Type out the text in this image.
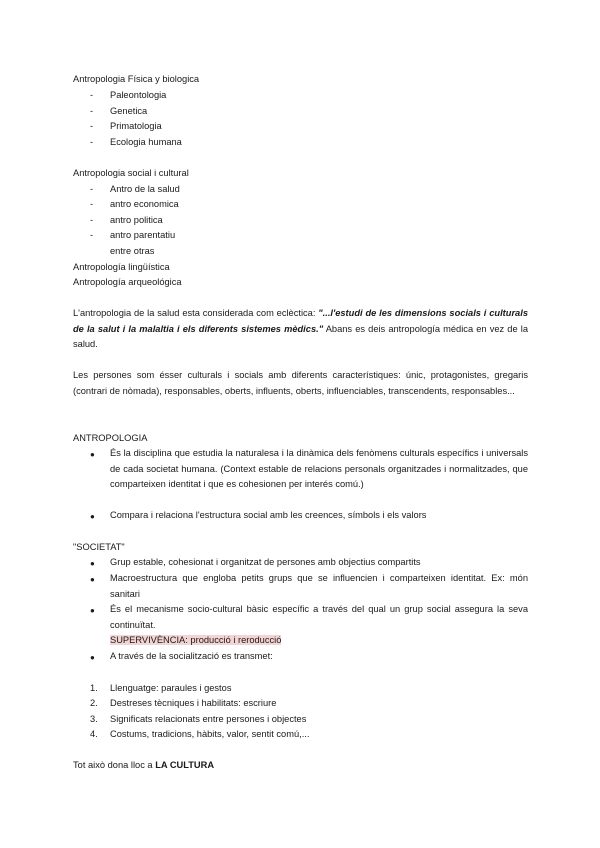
Antropologia Física y biologica
- Paleontologia
- Genetica
- Primatologia
- Ecologia humana
Antropologia social i cultural
- Antro de la salud
- antro economica
- antro politica
- antro parentatiu
entre otras
Antropología lingüística
Antropología arqueológica
L'antropologia de la salud esta considerada com eclèctica: "...l'estudi de les dimensions socials i culturals de la salut i la malaltia i els diferents sistemes mèdics." Abans es deis antropología médica en vez de la salud.
Les persones som ésser culturals i socials amb diferents característiques: únic, protagonistes, gregaris (contrari de nòmada), responsables, oberts, influents, oberts, influenciables, transcendents, responsables...
ANTROPOLOGIA
● És la disciplina que estudia la naturalesa i la dinàmica dels fenòmens culturals específics i universals de cada societat humana. (Context estable de relacions personals organitzades i normalitzades, que comparteixen identitat i que es cohesionen per interés comú.)
● Compara i relaciona l'estructura social amb les creences, símbols i els valors
"SOCIETAT"
● Grup estable, cohesionat i organitzat de persones amb objectius compartits
● Macroestructura que engloba petits grups que se influencien i comparteixen identitat. Ex: món sanitari
● És el mecanisme socio-cultural bàsic específic a través del qual un grup social assegura la seva continuïtat.
SUPERVIVÈNCIA: producció i reroducció
● A través de la socialització es transmet:
1. Llenguatge: paraules i gestos
2. Destreses tècniques i habilitats: escriure
3. Significats relacionats entre persones i objectes
4. Costums, tradicions, hàbits, valor, sentit comú,...
Tot això dona lloc a LA CULTURA
